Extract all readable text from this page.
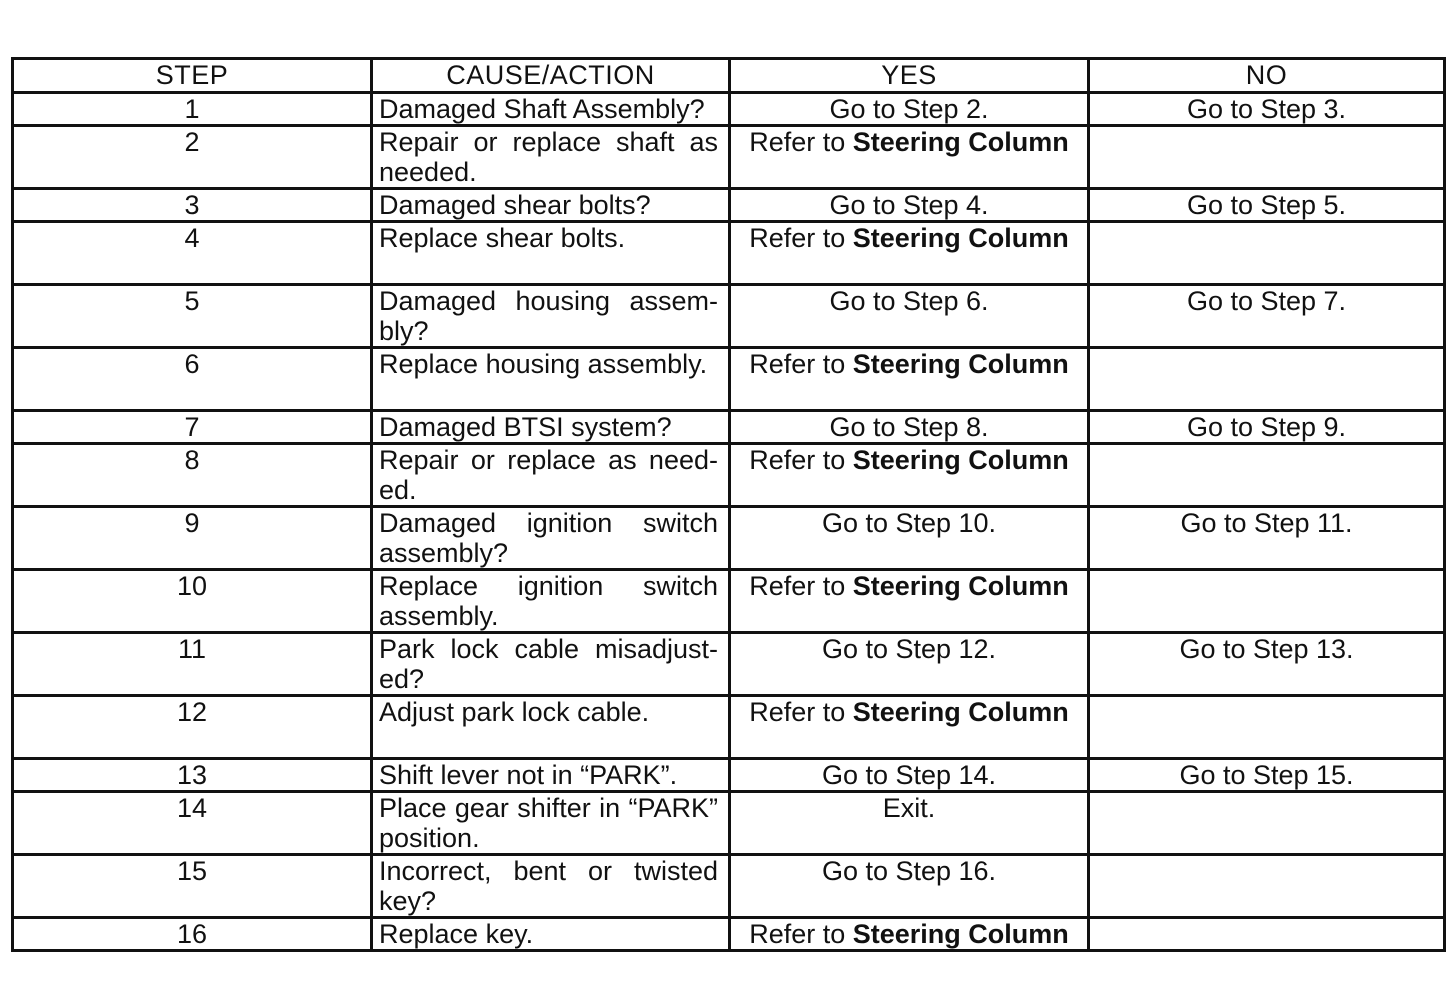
STEP	CAUSE/ACTION	YES	NO
1	Damaged Shaft Assembly?	Go to Step 2.	Go to Step 3.
2	Repair or replace shaft as needed.	Refer to Steering Column	
3	Damaged shear bolts?	Go to Step 4.	Go to Step 5.
4	Replace shear bolts.	Refer to Steering Column	
5	Damaged housing assem-bly?	Go to Step 6.	Go to Step 7.
6	Replace housing assembly.	Refer to Steering Column	
7	Damaged BTSI system?	Go to Step 8.	Go to Step 9.
8	Repair or replace as need-ed.	Refer to Steering Column	
9	Damaged ignition switch assembly?	Go to Step 10.	Go to Step 11.
10	Replace ignition switch assembly.	Refer to Steering Column	
11	Park lock cable misadjust-ed?	Go to Step 12.	Go to Step 13.
12	Adjust park lock cable.	Refer to Steering Column	
13	Shift lever not in “PARK”.	Go to Step 14.	Go to Step 15.
14	Place gear shifter in “PARK” position.	Exit.	
15	Incorrect, bent or twisted key?	Go to Step 16.	
16	Replace key.	Refer to Steering Column	
